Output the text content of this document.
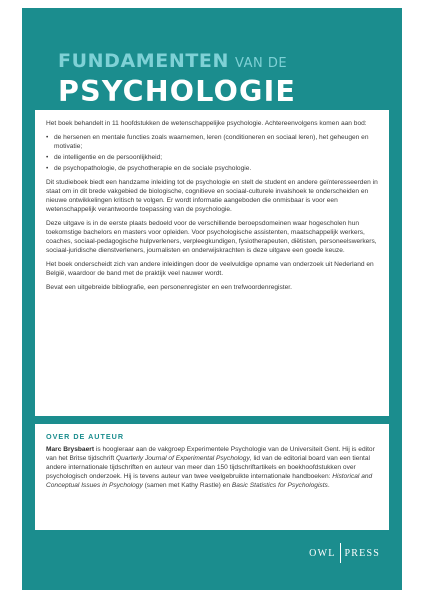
FUNDAMENTEN VAN DE
PSYCHOLOGIE

Het boek behandelt in 11 hoofdstukken de wetenschappelijke psychologie. Achtereenvolgens komen aan bod:

• de hersenen en mentale functies zoals waarnemen, leren (conditioneren en sociaal leren), het geheugen en motivatie;
• de intelligentie en de persoonlijkheid;
• de psychopathologie, de psychotherapie en de sociale psychologie.

Dit studieboek biedt een handzame inleiding tot de psychologie en stelt de student en andere geïnteresseerden in staat om in dit brede vakgebied de biologische, cognitieve en sociaal-culturele invalshoek te onderscheiden en nieuwe ontwikkelingen kritisch te volgen. Er wordt informatie aangeboden die onmisbaar is voor een wetenschappelijk verantwoorde toepassing van de psychologie.

Deze uitgave is in de eerste plaats bedoeld voor de verschillende beroepsdomeinen waar hogescholen hun toekomstige bachelors en masters voor opleiden. Voor psychologische assistenten, maatschappelijk werkers, coaches, sociaal-pedagogische hulpverleners, verpleegkundigen, fysiotherapeuten, diëtisten, personeelswerkers, sociaal-juridische dienstverleners, journalisten en onderwijskrachten is deze uitgave een goede keuze.

Het boek onderscheidt zich van andere inleidingen door de veelvuldige opname van onderzoek uit Nederland en België, waardoor de band met de praktijk veel nauwer wordt.

Bevat een uitgebreide bibliografie, een personenregister en een trefwoordenregister.

OVER DE AUTEUR

Marc Brysbaert is hoogleraar aan de vakgroep Experimentele Psychologie van de Universiteit Gent. Hij is editor van het Britse tijdschrift Quarterly Journal of Experimental Psychology, lid van de editorial board van een tiental andere internationale tijdschriften en auteur van meer dan 150 tijdschriftartikels en boekhoofdstukken over psychologisch onderzoek. Hij is tevens auteur van twee veelgebruikte internationale handboeken: Historical and Conceptual Issues in Psychology (samen met Kathy Rastle) en Basic Statistics for Psychologists.

OWL PRESS
